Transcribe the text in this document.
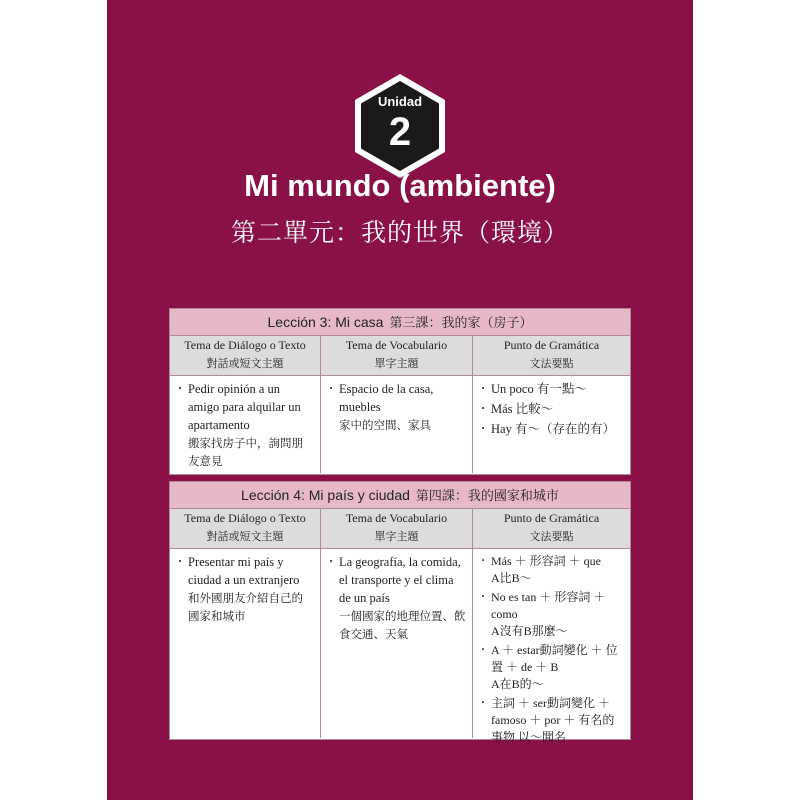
Unidad
2
Mi mundo (ambiente)
第二單元：我的世界（環境）
Lección 3: Mi casa 第三課：我的家（房子）
Tema de Diálogo o Texto
對話或短文主題
· Pedir opinión a un amigo para alquilar un apartamento
搬家找房子中，詢問朋友意見
Tema de Vocabulario
單字主題
· Espacio de la casa, muebles
家中的空間、家具
Punto de Gramática
文法要點
· Un poco 有一點～
· Más 比較～
· Hay 有～（存在的有）
Lección 4: Mi país y ciudad 第四課：我的國家和城市
Tema de Diálogo o Texto
對話或短文主題
· Presentar mi país y ciudad a un extranjero
和外國朋友介紹自己的國家和城市
Tema de Vocabulario
單字主題
· La geografía, la comida, el transporte y el clima de un país
一個國家的地理位置、飲食交通、天氣
Punto de Gramática
文法要點
· Más ＋ 形容詞 ＋ que
A比B～
· No es tan ＋ 形容詞 ＋ como
A沒有B那麼～
· A ＋ estar動詞變化 ＋ 位置 ＋ de ＋ B
A在B的～
· 主詞 ＋ ser動詞變化 ＋ famoso ＋ por ＋ 有名的事物 以～聞名
